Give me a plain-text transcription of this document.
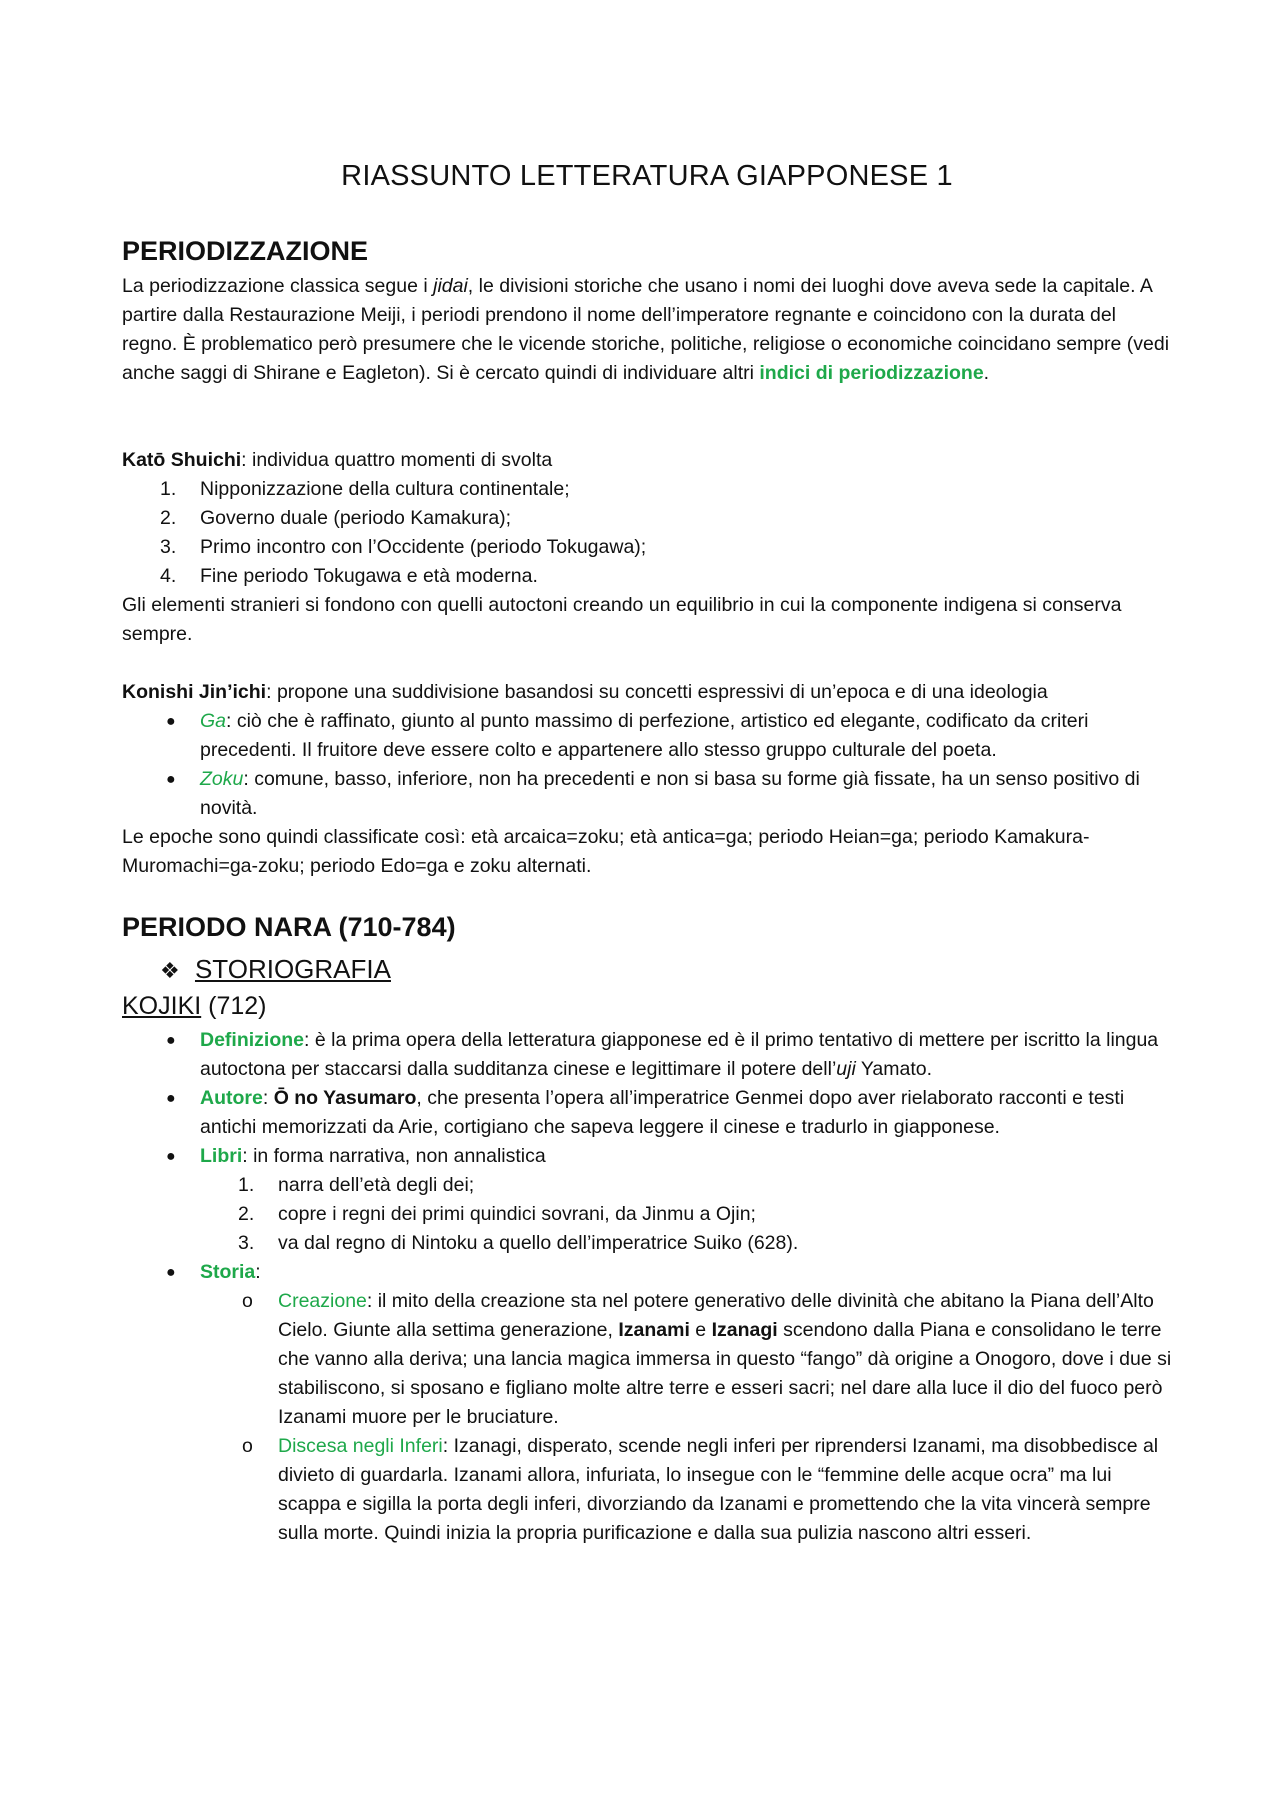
RIASSUNTO LETTERATURA GIAPPONESE 1
PERIODIZZAZIONE
La periodizzazione classica segue i jidai, le divisioni storiche che usano i nomi dei luoghi dove aveva sede la capitale. A partire dalla Restaurazione Meiji, i periodi prendono il nome dell’imperatore regnante e coincidono con la durata del regno. È problematico però presumere che le vicende storiche, politiche, religiose o economiche coincidano sempre (vedi anche saggi di Shirane e Eagleton). Si è cercato quindi di individuare altri indici di periodizzazione.

Katō Shuichi: individua quattro momenti di svolta

1. Nipponizzazione della cultura continentale;
2. Governo duale (periodo Kamakura);
3. Primo incontro con l’Occidente (periodo Tokugawa);
4. Fine periodo Tokugawa e età moderna.

Gli elementi stranieri si fondono con quelli autoctoni creando un equilibrio in cui la componente indigena si conserva sempre.

Konishi Jin’ichi: propone una suddivisione basandosi su concetti espressivi di un’epoca e di una ideologia

● Ga: ciò che è raffinato, giunto al punto massimo di perfezione, artistico ed elegante, codificato da criteri precedenti. Il fruitore deve essere colto e appartenere allo stesso gruppo culturale del poeta.
● Zoku: comune, basso, inferiore, non ha precedenti e non si basa su forme già fissate, ha un senso positivo di novità.

Le epoche sono quindi classificate così: età arcaica=zoku; età antica=ga; periodo Heian=ga; periodo Kamakura-Muromachi=ga-zoku; periodo Edo=ga e zoku alternati.

PERIODO NARA (710-784)
❖ STORIOGRAFIA
KOJIKI (712)
● Definizione: è la prima opera della letteratura giapponese ed è il primo tentativo di mettere per iscritto la lingua autoctona per staccarsi dalla sudditanza cinese e legittimare il potere dell’uji Yamato.
● Autore: Ō no Yasumaro, che presenta l’opera all’imperatrice Genmei dopo aver rielaborato racconti e testi antichi memorizzati da Arie, cortigiano che sapeva leggere il cinese e tradurlo in giapponese.
● Libri: in forma narrativa, non annalistica
1. narra dell’età degli dei;
2. copre i regni dei primi quindici sovrani, da Jinmu a Ojin;
3. va dal regno di Nintoku a quello dell’imperatrice Suiko (628).
● Storia:
o Creazione: il mito della creazione sta nel potere generativo delle divinità che abitano la Piana dell’Alto Cielo. Giunte alla settima generazione, Izanami e Izanagi scendono dalla Piana e consolidano le terre che vanno alla deriva; una lancia magica immersa in questo “fango” dà origine a Onogoro, dove i due si stabiliscono, si sposano e figliano molte altre terre e esseri sacri; nel dare alla luce il dio del fuoco però Izanami muore per le bruciature.
o Discesa negli Inferi: Izanagi, disperato, scende negli inferi per riprendersi Izanami, ma disobbedisce al divieto di guardarla. Izanami allora, infuriata, lo insegue con le “femmine delle acque ocra” ma lui scappa e sigilla la porta degli inferi, divorziando da Izanami e promettendo che la vita vincerà sempre sulla morte. Quindi inizia la propria purificazione e dalla sua pulizia nascono altri esseri.
